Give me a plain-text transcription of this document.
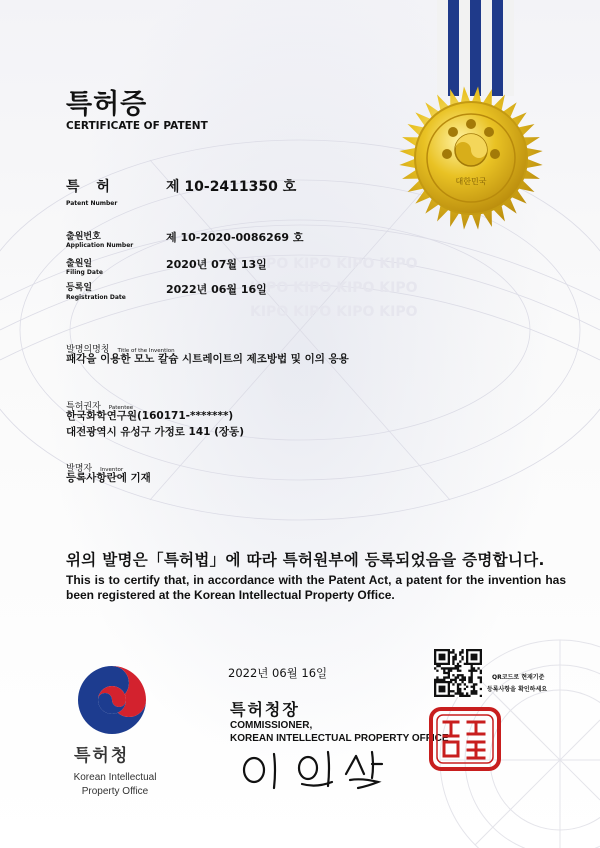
KIPO KIPO KIPO KIPO
KIPO KIPO KIPO KIPO
KIPO KIPO KIPO KIPO
대한민국
특허증
CERTIFICATE OF PATENT
특 허
Patent Number
제 10-2411350 호
출원번호
Application Number
제 10-2020-0086269 호
출원일
Filing Date
2020년 07월 13일
등록일
Registration Date
2022년 06월 16일
발명의명칭 Title of the Invention
패각을 이용한 모노 칼슘 시트레이트의 제조방법 및 이의 응용
특허권자 Patentee
한국화학연구원(160171-*******)
대전광역시 유성구 가정로 141 (장동)
발명자 Inventor
등록사항란에 기재
위의 발명은「특허법」에 따라 특허원부에 등록되었음을 증명합니다.
This is to certify that, in accordance with the Patent Act, a patent for the invention has been registered at the Korean Intellectual Property Office.
2022년 06월 16일
특허청장
COMMISSIONER,
KOREAN INTELLECTUAL PROPERTY OFFICE
QR코드로 현재기준
등록사항을 확인하세요
특허청
Korean Intellectual
Property Office
